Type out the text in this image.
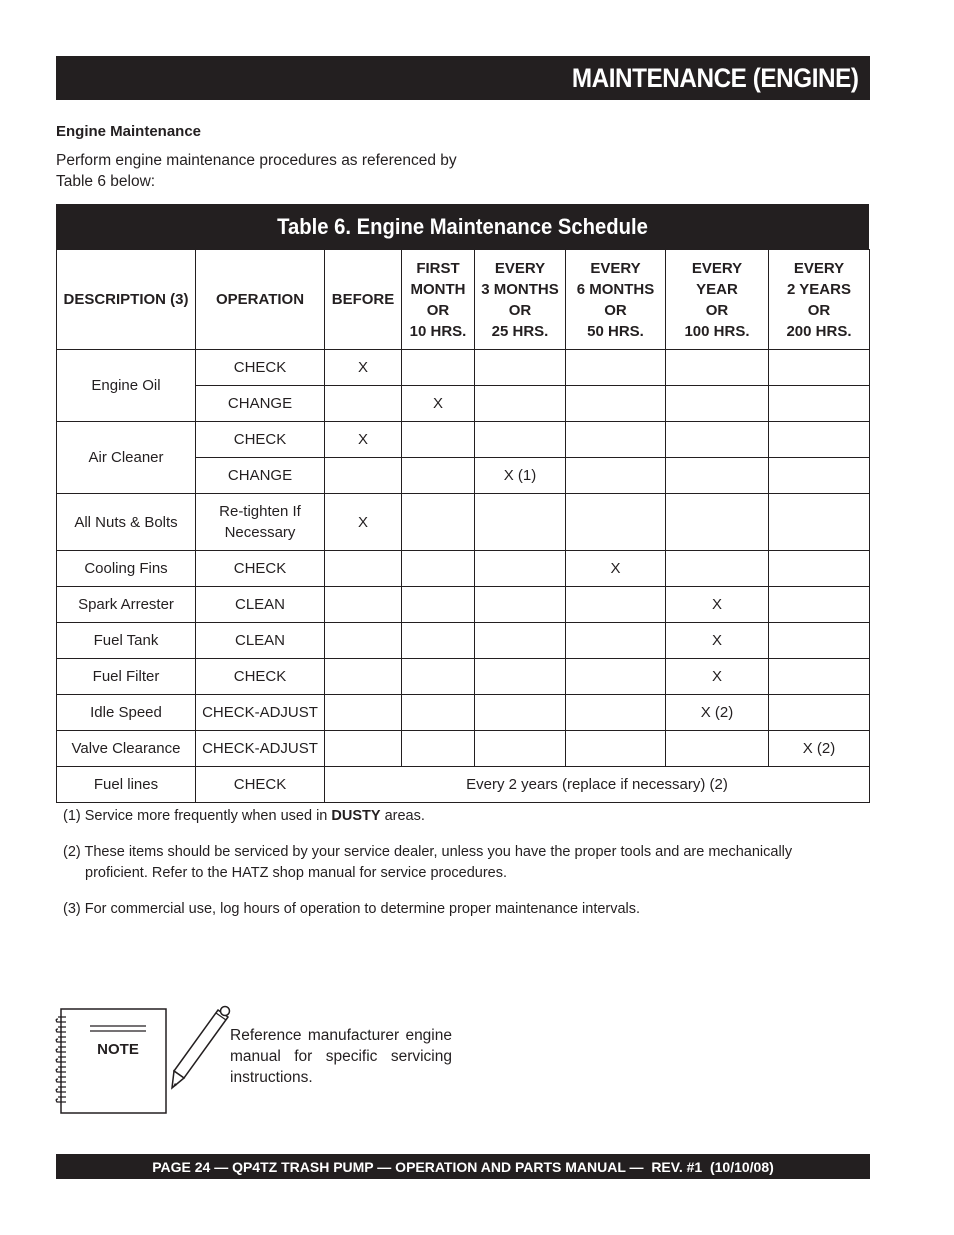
MAINTENANCE (ENGINE)
Engine Maintenance

Perform engine maintenance procedures as referenced by Table 6 below:

Table 6. Engine Maintenance Schedule
DESCRIPTION (3)	OPERATION	BEFORE	FIRST
MONTH
OR
10 HRS.	EVERY
3 MONTHS
OR
25 HRS.	EVERY
6 MONTHS
OR
50 HRS.	EVERY
YEAR
OR
100 HRS.	EVERY
2 YEARS
OR
200 HRS.
Engine Oil	CHECK	X					
	CHANGE		X				
Air Cleaner	CHECK	X					
	CHANGE			X (1)			
All Nuts & Bolts	Re-tighten If
Necessary	X					
Cooling Fins	CHECK				X		
Spark Arrester	CLEAN					X	
Fuel Tank	CLEAN					X	
Fuel Filter	CHECK					X	
Idle Speed	CHECK-ADJUST					X (2)	
Valve Clearance	CHECK-ADJUST						X (2)
Fuel lines	CHECK	Every 2 years (replace if necessary) (2)					

(1) Service more frequently when used in DUSTY areas.

(2) These items should be serviced by your service dealer, unless you have the proper tools and are mechanically
proficient. Refer to the HATZ shop manual for service procedures.

(3) For commercial use, log hours of operation to determine proper maintenance intervals.

NOTE
Reference manufacturer engine manual for specific servicing instructions.
PAGE 24 — QP4TZ TRASH PUMP — OPERATION AND PARTS MANUAL —  REV. #1  (10/10/08)
